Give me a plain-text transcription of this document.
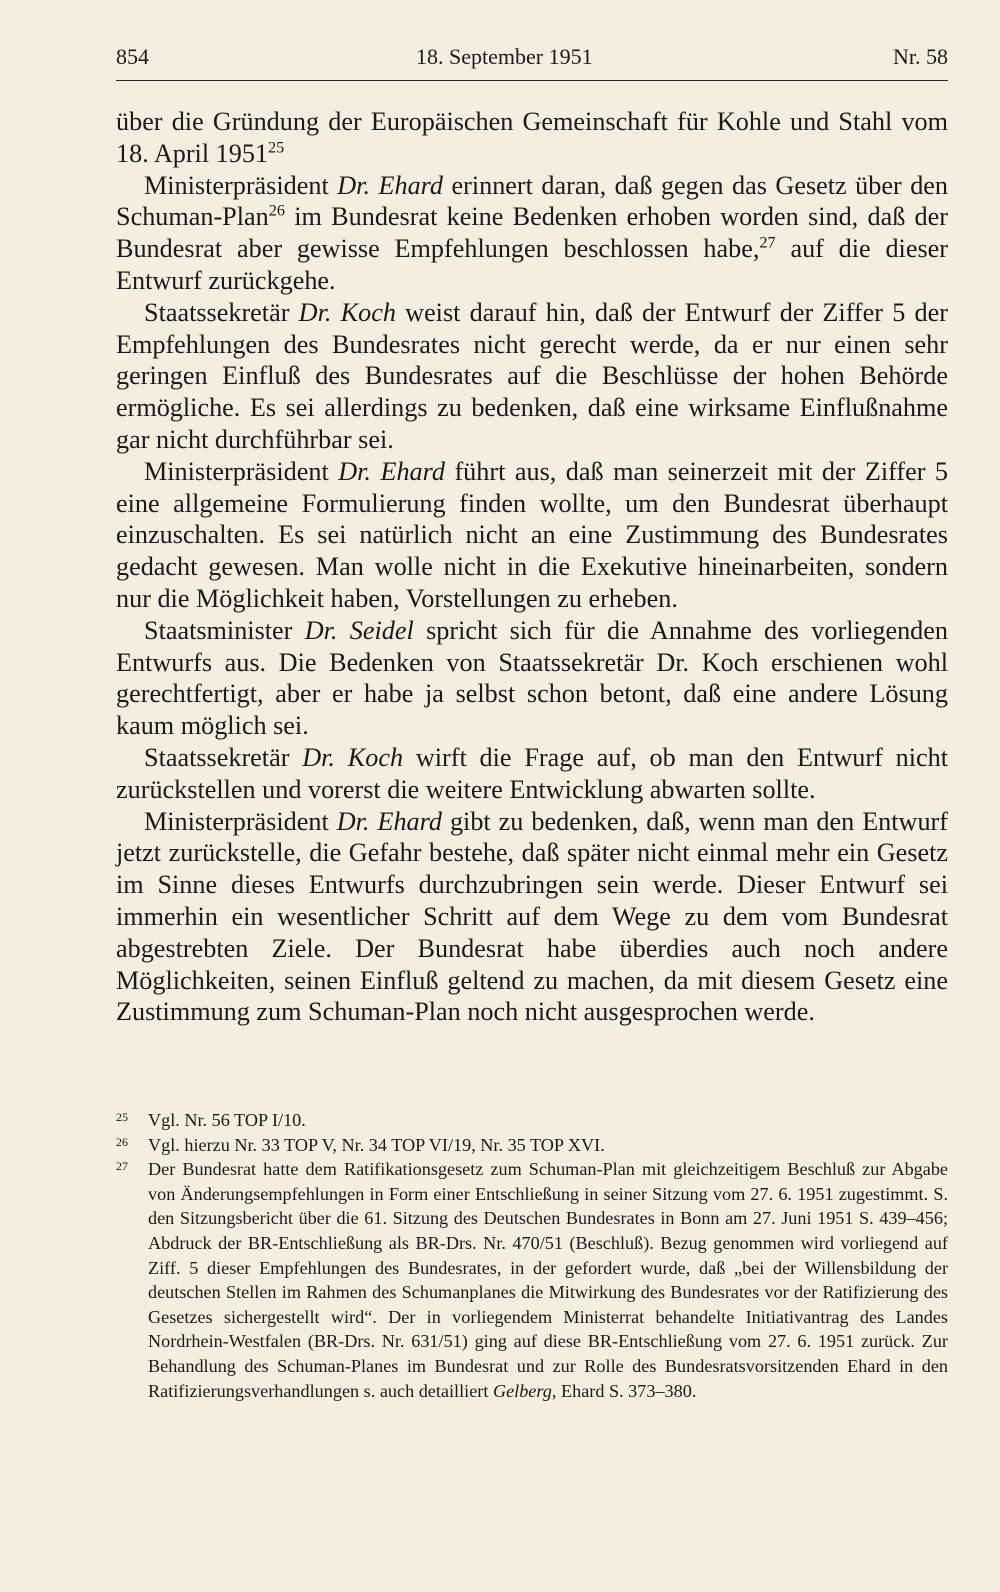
854	18. September 1951	Nr. 58

über die Gründung der Europäischen Gemeinschaft für Kohle und Stahl vom 18. April 1951$^{25}$

Ministerpräsident Dr. Ehard erinnert daran, daß gegen das Gesetz über den Schuman-Plan$^{26}$ im Bundesrat keine Bedenken erhoben worden sind, daß der Bundesrat aber gewisse Empfehlungen beschlossen habe,$^{27}$ auf die dieser Entwurf zurückgehe.

Staatssekretär Dr. Koch weist darauf hin, daß der Entwurf der Ziffer 5 der Empfehlungen des Bundesrates nicht gerecht werde, da er nur einen sehr geringen Einfluß des Bundesrates auf die Beschlüsse der hohen Behörde ermögliche. Es sei allerdings zu bedenken, daß eine wirksame Einflußnahme gar nicht durchführbar sei.

Ministerpräsident Dr. Ehard führt aus, daß man seinerzeit mit der Ziffer 5 eine allgemeine Formulierung finden wollte, um den Bundesrat überhaupt einzuschalten. Es sei natürlich nicht an eine Zustimmung des Bundesrates gedacht gewesen. Man wolle nicht in die Exekutive hineinarbeiten, sondern nur die Möglichkeit haben, Vorstellungen zu erheben.

Staatsminister Dr. Seidel spricht sich für die Annahme des vorliegenden Entwurfs aus. Die Bedenken von Staatssekretär Dr. Koch erschienen wohl gerechtfertigt, aber er habe ja selbst schon betont, daß eine andere Lösung kaum möglich sei.

Staatssekretär Dr. Koch wirft die Frage auf, ob man den Entwurf nicht zurückstellen und vorerst die weitere Entwicklung abwarten sollte.

Ministerpräsident Dr. Ehard gibt zu bedenken, daß, wenn man den Entwurf jetzt zurückstelle, die Gefahr bestehe, daß später nicht einmal mehr ein Gesetz im Sinne dieses Entwurfs durchzubringen sein werde. Dieser Entwurf sei immerhin ein wesentlicher Schritt auf dem Wege zu dem vom Bundesrat abgestrebten Ziele. Der Bundesrat habe überdies auch noch andere Möglichkeiten, seinen Einfluß geltend zu machen, da mit diesem Gesetz eine Zustimmung zum Schuman-Plan noch nicht ausgesprochen werde.

25 Vgl. Nr. 56 TOP I/10.

26 Vgl. hierzu Nr. 33 TOP V, Nr. 34 TOP VI/19, Nr. 35 TOP XVI.

27 Der Bundesrat hatte dem Ratifikationsgesetz zum Schuman-Plan mit gleichzeitigem Beschluß zur Abgabe von Änderungsempfehlungen in Form einer Entschließung in seiner Sitzung vom 27. 6. 1951 zugestimmt. S. den Sitzungsbericht über die 61. Sitzung des Deutschen Bundesrates in Bonn am 27. Juni 1951 S. 439–456; Abdruck der BR-Entschließung als BR-Drs. Nr. 470/51 (Beschluß). Bezug genommen wird vorliegend auf Ziff. 5 dieser Empfehlungen des Bundesrates, in der gefordert wurde, daß „bei der Willensbildung der deutschen Stellen im Rahmen des Schumanplanes die Mitwirkung des Bundesrates vor der Ratifizierung des Gesetzes sichergestellt wird“. Der in vorliegendem Ministerrat behandelte Initiativantrag des Landes Nordrhein-Westfalen (BR-Drs. Nr. 631/51) ging auf diese BR-Entschließung vom 27. 6. 1951 zurück. Zur Behandlung des Schuman-Planes im Bundesrat und zur Rolle des Bundesratsvorsitzenden Ehard in den Ratifizierungsverhandlungen s. auch detailliert Gelberg, Ehard S. 373–380.
